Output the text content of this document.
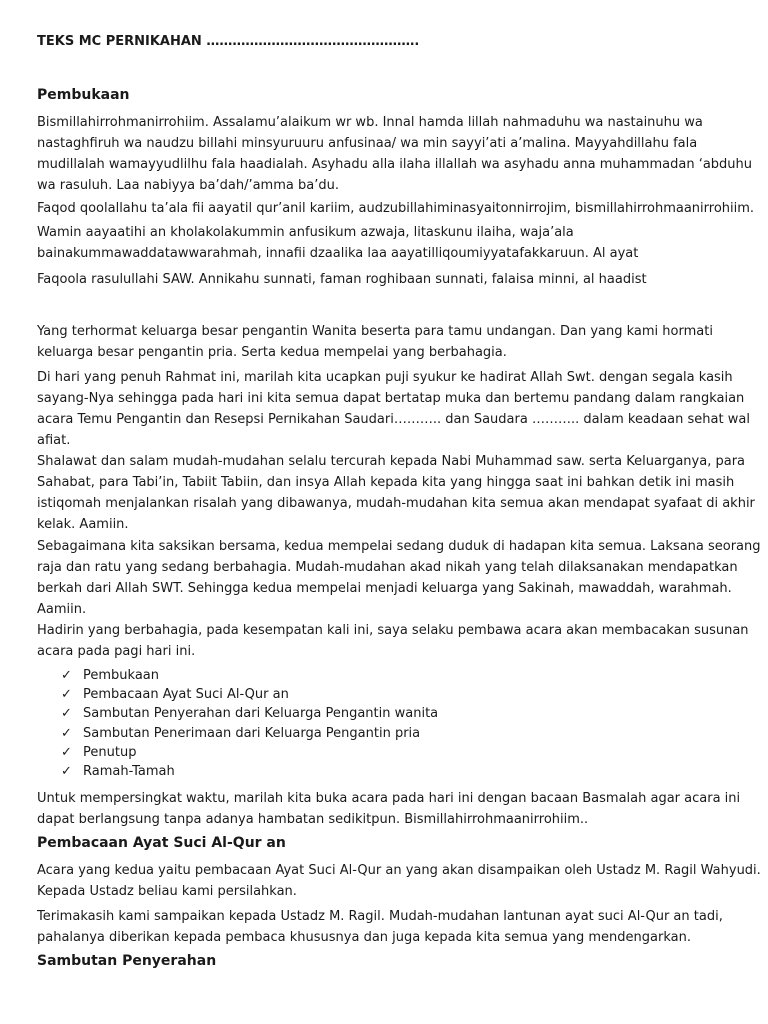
TEKS MC PERNIKAHAN ………………………………………….
Pembukaan
Bismillahirrohmanirrohiim. Assalamu’alaikum wr wb. Innal hamda lillah nahmaduhu wa nastainuhu wa
nastaghfiruh wa naudzu billahi minsyuruuru anfusinaa/ wa min sayyi’ati a’malina. Mayyahdillahu fala
mudillalah wamayyudlilhu fala haadialah. Asyhadu alla ilaha illallah wa asyhadu anna muhammadan ‘abduhu
wa rasuluh. Laa nabiyya ba’dah/’amma ba’du.
Faqod qoolallahu ta’ala fii aayatil qur’anil kariim, audzubillahiminasyaitonnirrojim, bismillahirrohmaanirrohiim.
Wamin aayaatihi an kholakolakummin anfusikum azwaja, litaskunu ilaiha, waja’ala
bainakummawaddatawwarahmah, innafii dzaalika laa aayatilliqoumiyyatafakkaruun. Al ayat
Faqoola rasulullahi SAW. Annikahu sunnati, faman roghibaan sunnati, falaisa minni, al haadist
Yang terhormat keluarga besar pengantin Wanita beserta para tamu undangan. Dan yang kami hormati
keluarga besar pengantin pria. Serta kedua mempelai yang berbahagia.
Di hari yang penuh Rahmat ini, marilah kita ucapkan puji syukur ke hadirat Allah Swt. dengan segala kasih
sayang-Nya sehingga pada hari ini kita semua dapat bertatap muka dan bertemu pandang dalam rangkaian
acara Temu Pengantin dan Resepsi Pernikahan Saudari……….. dan Saudara ……….. dalam keadaan sehat wal
afiat.
Shalawat dan salam mudah-mudahan selalu tercurah kepada Nabi Muhammad saw. serta Keluarganya, para
Sahabat, para Tabi’in, Tabiit Tabiin, dan insya Allah kepada kita yang hingga saat ini bahkan detik ini masih
istiqomah menjalankan risalah yang dibawanya, mudah-mudahan kita semua akan mendapat syafaat di akhir
kelak. Aamiin.
Sebagaimana kita saksikan bersama, kedua mempelai sedang duduk di hadapan kita semua. Laksana seorang
raja dan ratu yang sedang berbahagia. Mudah-mudahan akad nikah yang telah dilaksanakan mendapatkan
berkah dari Allah SWT. Sehingga kedua mempelai menjadi keluarga yang Sakinah, mawaddah, warahmah.
Aamiin.
Hadirin yang berbahagia, pada kesempatan kali ini, saya selaku pembawa acara akan membacakan susunan
acara pada pagi hari ini.
✓ Pembukaan
✓ Pembacaan Ayat Suci Al-Qur an
✓ Sambutan Penyerahan dari Keluarga Pengantin wanita
✓ Sambutan Penerimaan dari Keluarga Pengantin pria
✓ Penutup
✓ Ramah-Tamah
Untuk mempersingkat waktu, marilah kita buka acara pada hari ini dengan bacaan Basmalah agar acara ini
dapat berlangsung tanpa adanya hambatan sedikitpun. Bismillahirrohmaanirrohiim..
Pembacaan Ayat Suci Al-Qur an
Acara yang kedua yaitu pembacaan Ayat Suci Al-Qur an yang akan disampaikan oleh Ustadz M. Ragil Wahyudi.
Kepada Ustadz beliau kami persilahkan.
Terimakasih kami sampaikan kepada Ustadz M. Ragil. Mudah-mudahan lantunan ayat suci Al-Qur an tadi,
pahalanya diberikan kepada pembaca khususnya dan juga kepada kita semua yang mendengarkan.
Sambutan Penyerahan
